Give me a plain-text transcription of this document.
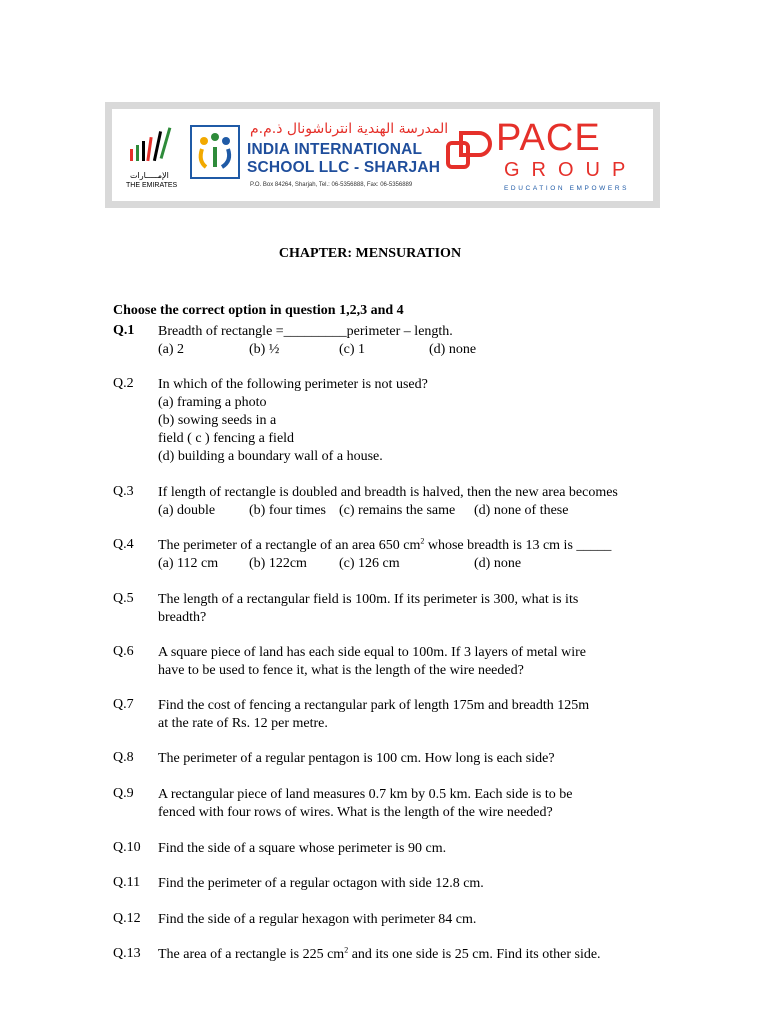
الإمـــــارات
THE EMIRATES
المدرسة الهندية انترناشونال ذ.م.م
INDIA INTERNATIONAL
SCHOOL LLC - SHARJAH
P.O. Box 84264, Sharjah, Tel.: 06-5356888, Fax: 06-5356889
PACE
GROUP
EDUCATION EMPOWERS
CHAPTER: MENSURATION
Choose the correct option in question 1,2,3 and 4
Q.1 Breadth of rectangle =_________perimeter – length.
(a) 2	(b) ½	(c) 1	(d) none
Q.2 In which of the following perimeter is not used?
(a) framing a photo
(b) sowing seeds in a
field ( c ) fencing a field
(d) building a boundary wall of a house.
Q.3 If length of rectangle is doubled and breadth is halved, then the new area becomes
(a) double (b) four times (c) remains the same (d) none of these
Q.4 The perimeter of a rectangle of an area 650 $cm^2$ whose breadth is 13 cm is _____
(a) 112 cm (b) 122cm (c) 126 cm	(d) none
Q.5 The length of a rectangular field is 100m. If its perimeter is 300, what is its
breadth?
Q.6 A square piece of land has each side equal to 100m. If 3 layers of metal wire
have to be used to fence it, what is the length of the wire needed?
Q.7 Find the cost of fencing a rectangular park of length 175m and breadth 125m
at the rate of Rs. 12 per metre.
Q.8 The perimeter of a regular pentagon is 100 cm. How long is each side?
Q.9 A rectangular piece of land measures 0.7 km by 0.5 km. Each side is to be
fenced with four rows of wires. What is the length of the wire needed?
Q.10 Find the side of a square whose perimeter is 90 cm.
Q.11 Find the perimeter of a regular octagon with side 12.8 cm.
Q.12 Find the side of a regular hexagon with perimeter 84 cm.
Q.13 The area of a rectangle is 225 $cm^2$ and its one side is 25 cm. Find its other side.
